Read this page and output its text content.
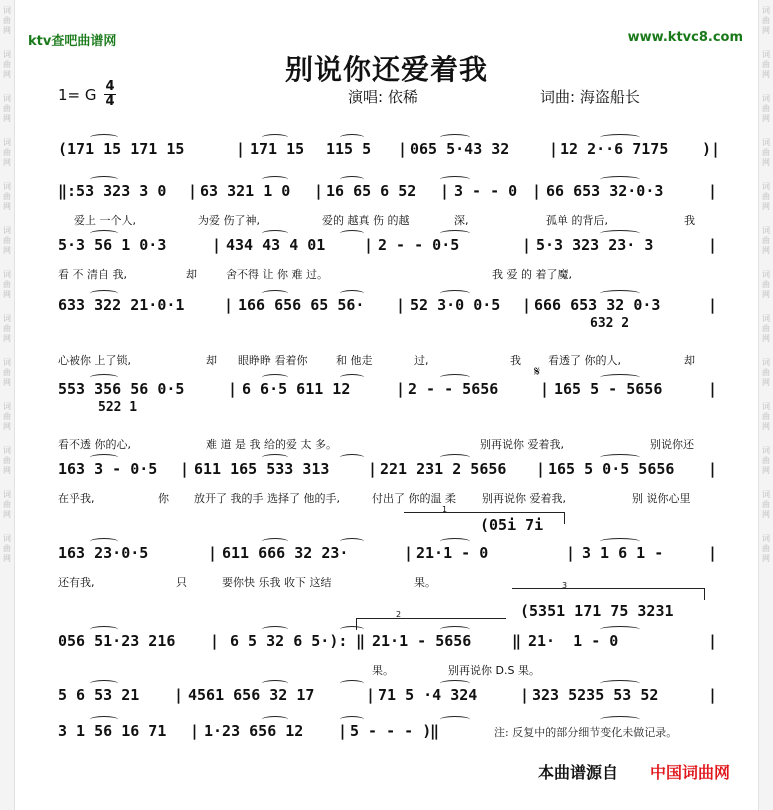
词
曲
网
词
曲
网
词
曲
网
词
曲
网
词
曲
网
词
曲
网
词
曲
网
词
曲
网
词
曲
网
词
曲
网
词
曲
网
词
曲
网
词
曲
网
词
曲
网
词
曲
网
词
曲
网
词
曲
网
词
曲
网
词
曲
网
词
曲
网
词
曲
网
词
曲
网
词
曲
网
词
曲
网
词
曲
网
词
曲
网
ktv查吧曲谱网	www.ktvc8.com
别说你还爱着我
1= G 4
4	演唱: 依稀	词曲: 海盗船长
(171 15 171 15	| 171 15 115 5 | 065 5·43 32	| 12 2··6 7175 )|
‖:53 323 3 0 | 63 321 1 0 | 16 65 6 52 | 3 - - 0 | 66 653 32·0·3	|
爱上 一个人,	为爱 伤了神,	爱的 越真 伤 的越	深,	孤单 的背后,	我
5·3 56 1 0·3	| 434 43 4 01	| 2 - - 0·5	| 5·3 323 23· 3	|
看 不 清自 我,	却	舍不得 让 你 难 过。	我 爱 的 着了魔,
633 322 21·0·1	| 166 656 65 56· | 52 3·0 0·5 | 666 653 32 0·3	|
632 2
心被你 上了锁,	却 眼睁睁 看着你	和 他走	过,	我 看透了 你的人,	却
553 356 56 0·5	| 6 6·5 611 12	| 2 - - 5656	| 165 5 - 5656	|
522 1
看不透 你的心,	难 道 是 我 给的爱 太 多。	别再说你 爱着我,	别说你还
163 3 - 0·5 | 611 165 533 313	| 221 231 2 5656 | 165 5 0·5 5656 |
在乎我,	你 放开了 我的手 选择了 他的手,	付出了 你的温 柔 别再说你 爱着我,	别 说你心里
163 23·0·5	| 611 666 32 23·	| 21·1 - 0	| 3 1 6 1 -	|
(05i 7i
还有我,	只	要你快 乐我 收下 这结	果。
056 51·23 216 | 6 5 32 6 5·): ‖ 21·1 - 5656	‖ 21·  1 - 0	|
(5351 171 75 3231
果。	别再说你 D.S 果。
5 6 53 21 | 4561 656 32 17	| 71 5 ·4 324	| 323 5235 53 52	|
3 1 56 16 71 | 1·23 656 12 | 5 - - - )
‖
1
2
3
𝄋
注: 反复中的部分细节变化未做记录。
本曲谱源自 中国词曲网
